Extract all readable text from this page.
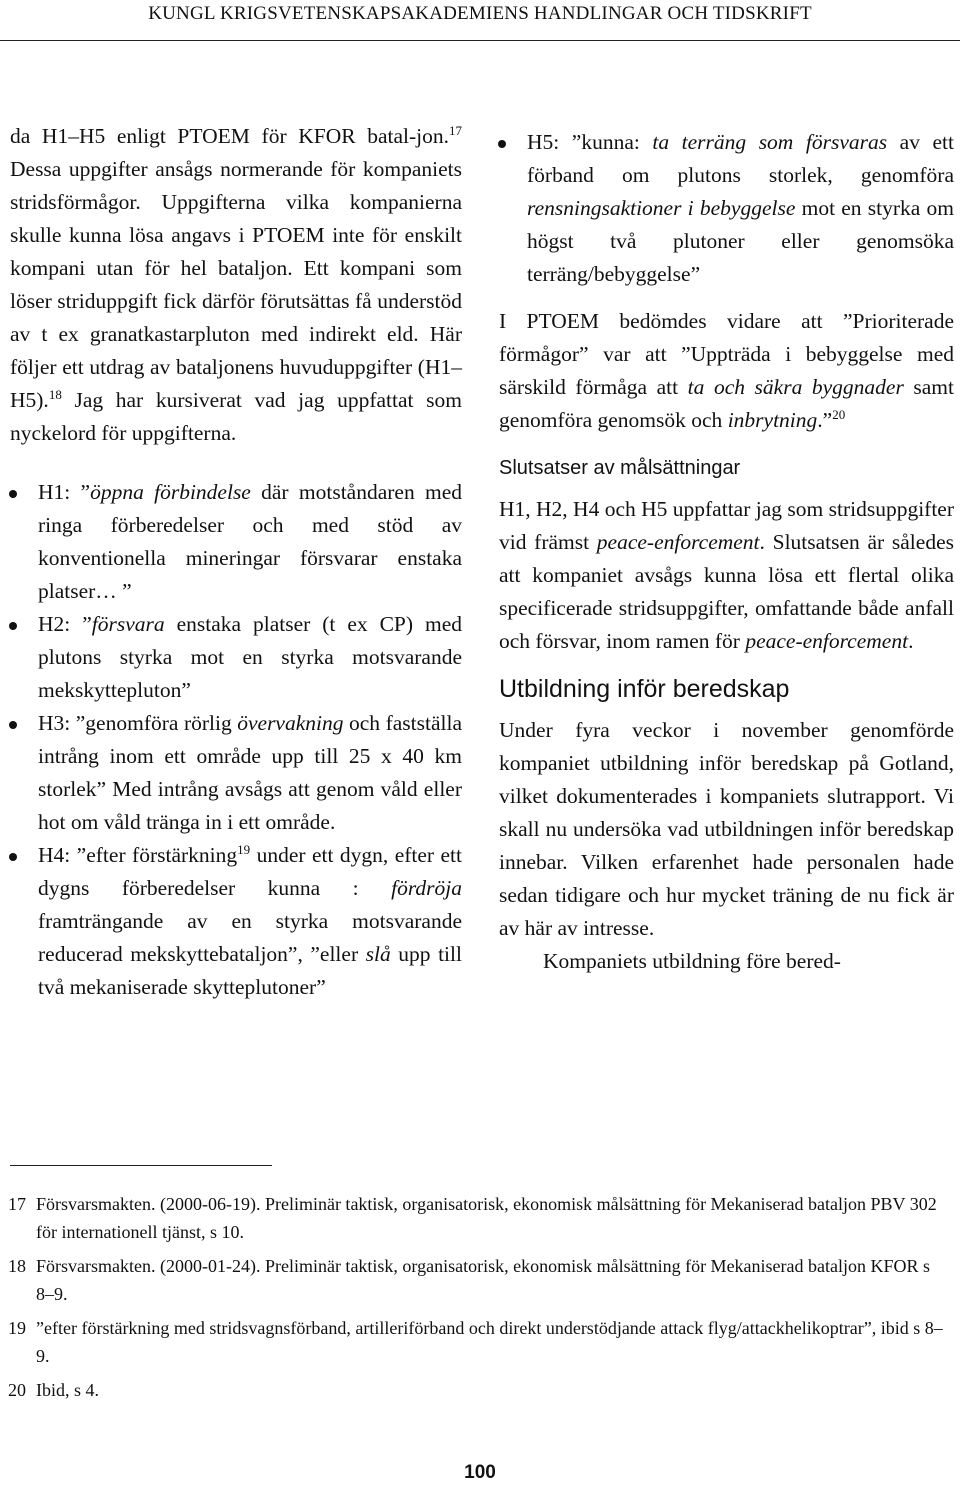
KUNGL KRIGSVETENSKAPSAKADEMIENS HANDLINGAR OCH TIDSKRIFT

da H1–H5 enligt PTOEM för KFOR batal-jon.$^{17}$ Dessa uppgifter ansågs normerande för kompaniets stridsförmågor. Uppgifterna vilka kompanierna skulle kunna lösa angavs i PTOEM inte för enskilt kompani utan för hel bataljon. Ett kompani som löser striduppgift fick därför förutsättas få understöd av t ex granatkastarpluton med indirekt eld. Här följer ett utdrag av bataljonens huvuduppgifter (H1–H5).$^{18}$ Jag har kursiverat vad jag uppfattat som nyckelord för uppgifterna.

H1: ”öppna förbindelse där motståndaren med ringa förberedelser och med stöd av konventionella mineringar försvarar enstaka platser… ”
H2: ”försvara enstaka platser (t ex CP) med plutons styrka mot en styrka motsvarande mekskyttepluton”
H3: ”genomföra rörlig övervakning och fastställa intrång inom ett område upp till 25 x 40 km storlek” Med intrång avsågs att genom våld eller hot om våld tränga in i ett område.
H4: ”efter förstärkning$^{19}$ under ett dygn, efter ett dygns förberedelser kunna : fördröja framträngande av en styrka motsvarande reducerad mekskyttebataljon”, ”eller slå upp till två mekaniserade skytteplutoner”
H5: ”kunna: ta terräng som försvaras av ett förband om plutons storlek, genomföra rensningsaktioner i bebyggelse mot en styrka om högst två plutoner eller genomsöka terräng/bebyggelse”

I PTOEM bedömdes vidare att ”Prioriterade förmågor” var att ”Uppträda i bebyggelse med särskild förmåga att ta och säkra byggnader samt genomföra genomsök och inbrytning.”$^{20}$

Slutsatser av målsättningar

H1, H2, H4 och H5 uppfattar jag som stridsuppgifter vid främst peace-enforcement. Slutsatsen är således att kompaniet avsågs kunna lösa ett flertal olika specificerade stridsuppgifter, omfattande både anfall och försvar, inom ramen för peace-enforcement.

Utbildning inför beredskap

Under fyra veckor i november genomförde kompaniet utbildning inför beredskap på Gotland, vilket dokumenterades i kompaniets slutrapport. Vi skall nu undersöka vad utbildningen inför beredskap innebar. Vilken erfarenhet hade personalen hade sedan tidigare och hur mycket träning de nu fick är av här av intresse.

Kompaniets utbildning före bered-

17 Försvarsmakten. (2000-06-19). Preliminär taktisk, organisatorisk, ekonomisk målsättning för Mekaniserad bataljon PBV 302 för internationell tjänst, s 10.
18 Försvarsmakten. (2000-01-24). Preliminär taktisk, organisatorisk, ekonomisk målsättning för Mekaniserad bataljon KFOR s 8–9.
19 ”efter förstärkning med stridsvagnsförband, artilleriförband och direkt understödjande attack flyg/attackhelikoptrar”, ibid s 8–9.
20 Ibid, s 4.
100
